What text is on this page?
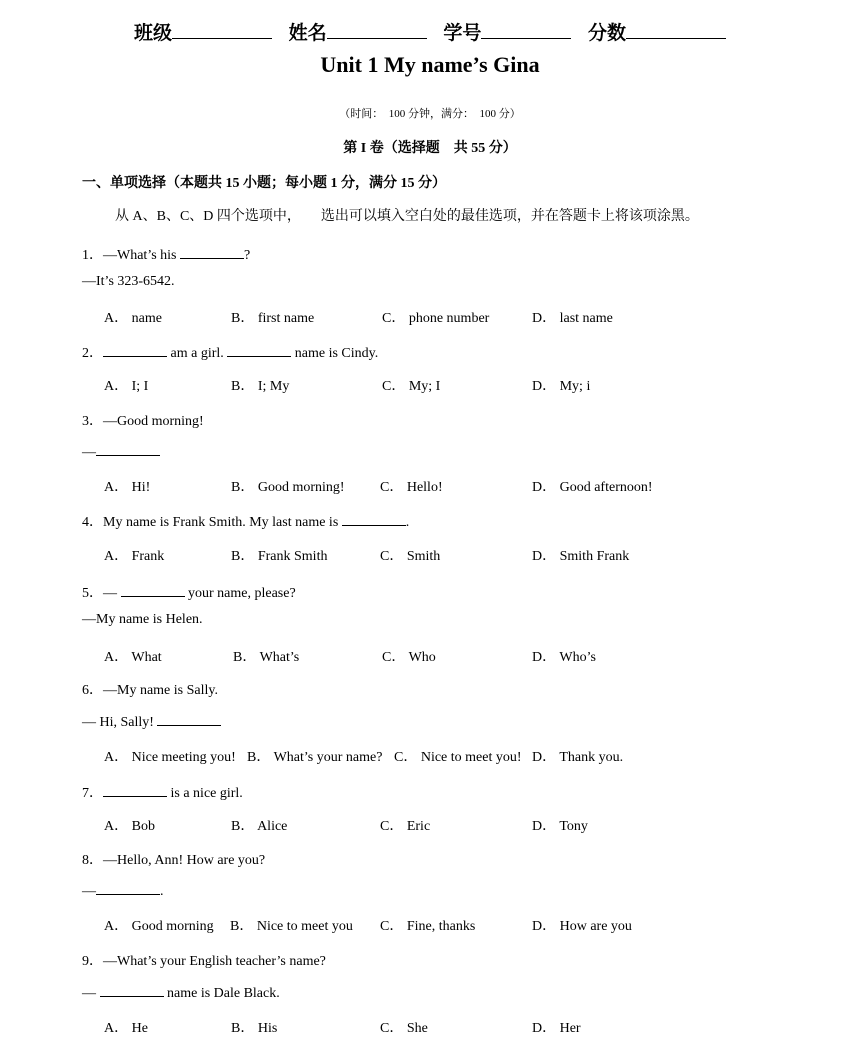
班级	姓名	学号	分数
Unit 1 My name’s Gina
（时间：　100 分钟，满分：　100 分）
第 I 卷（选择题　共 55 分）
一、单项选择（本题共 15 小题；每小题 1 分，满分 15 分）
从 A、B、C、D 四个选项中， 选出可以填入空白处的最佳选项，并在答题卡上将该项涂黑。
1．—What’s his	?
—It’s 323-6542.
A． name	B． first name	C． phone number	D． last name
2．	am a girl.	name is Cindy.
A． I; I	B． I; My	C． My; I	D． My; i
3．—Good morning!
—
A． Hi!	B． Good morning!	C． Hello!	D． Good afternoon!
4．My name is Frank Smith. My last name is	.
A． Frank	B． Frank Smith	C． Smith	D． Smith Frank
5．—	your name, please?
—My name is Helen.
A． What	B． What’s	C． Who	D． Who’s
6．—My name is Sally.
— Hi, Sally!
A． Nice meeting you! B． What’s your name? C． Nice to meet you! D． Thank you.
7．	is a nice girl.
A． Bob	B． Alice	C． Eric	D． Tony
8．—Hello, Ann! How are you?
—	.
A． Good morning B． Nice to meet you C． Fine, thanks	D． How are you
9．—What’s your English teacher’s name?
—	name is Dale Black.
A． He	B． His	C． She	D． Her
